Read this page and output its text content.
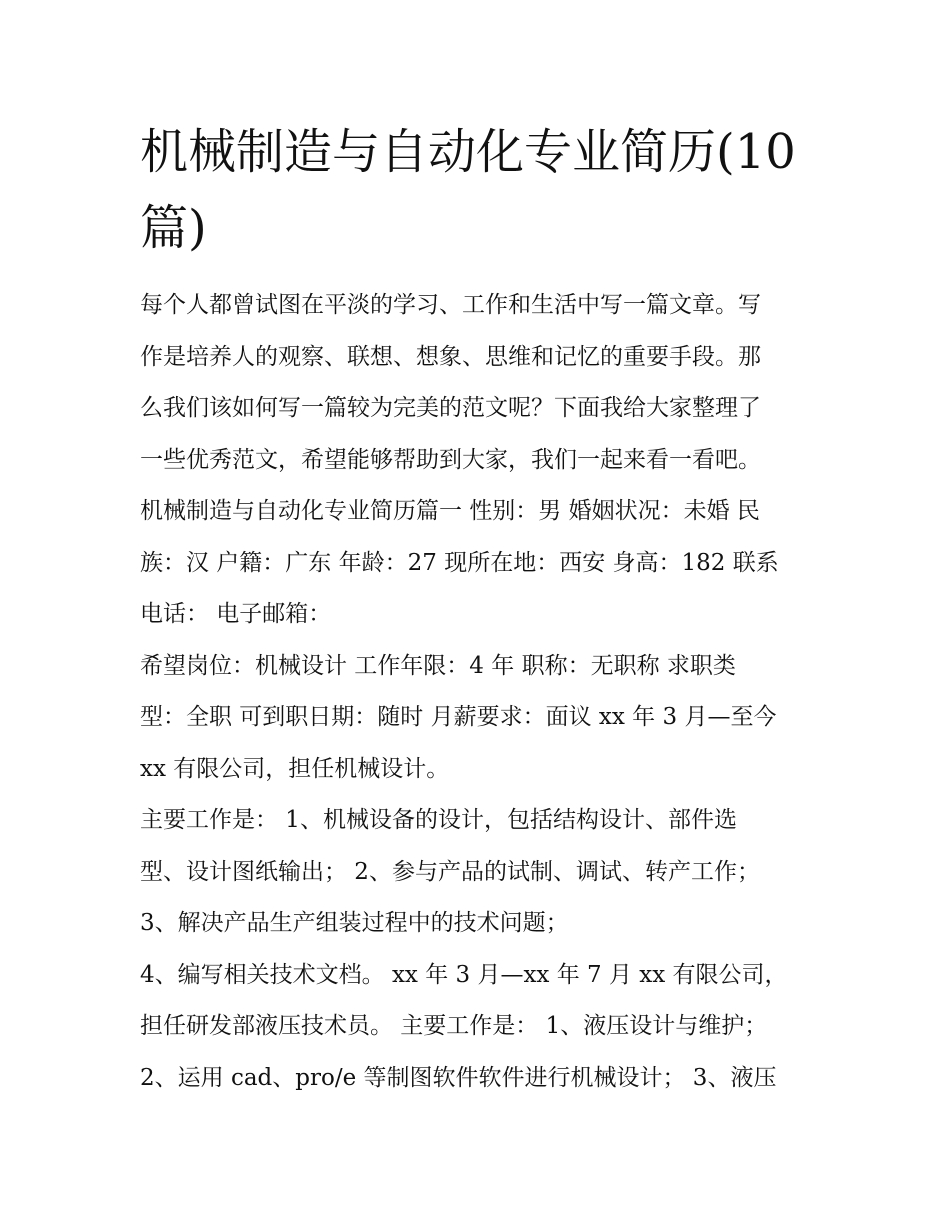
机械制造与自动化专业简历(10
篇)
每个人都曾试图在平淡的学习、工作和生活中写一篇文章。写
作是培养人的观察、联想、想象、思维和记忆的重要手段。那
么我们该如何写一篇较为完美的范文呢？下面我给大家整理了
一些优秀范文，希望能够帮助到大家，我们一起来看一看吧。
机械制造与自动化专业简历篇一 性别：男 婚姻状况：未婚 民
族：汉 户籍：广东 年龄：27 现所在地：西安 身高：182 联系
电话： 电子邮箱：
希望岗位：机械设计 工作年限：4 年 职称：无职称 求职类
型：全职 可到职日期：随时 月薪要求：面议 xx 年 3 月—至今
xx 有限公司，担任机械设计。
主要工作是： 1、机械设备的设计，包括结构设计、部件选
型、设计图纸输出； 2、参与产品的试制、调试、转产工作；
3、解决产品生产组装过程中的技术问题；
4、编写相关技术文档。 xx 年 3 月—xx 年 7 月 xx 有限公司，
担任研发部液压技术员。 主要工作是： 1、液压设计与维护；
2、运用 cad、pro/e 等制图软件软件进行机械设计； 3、液压
